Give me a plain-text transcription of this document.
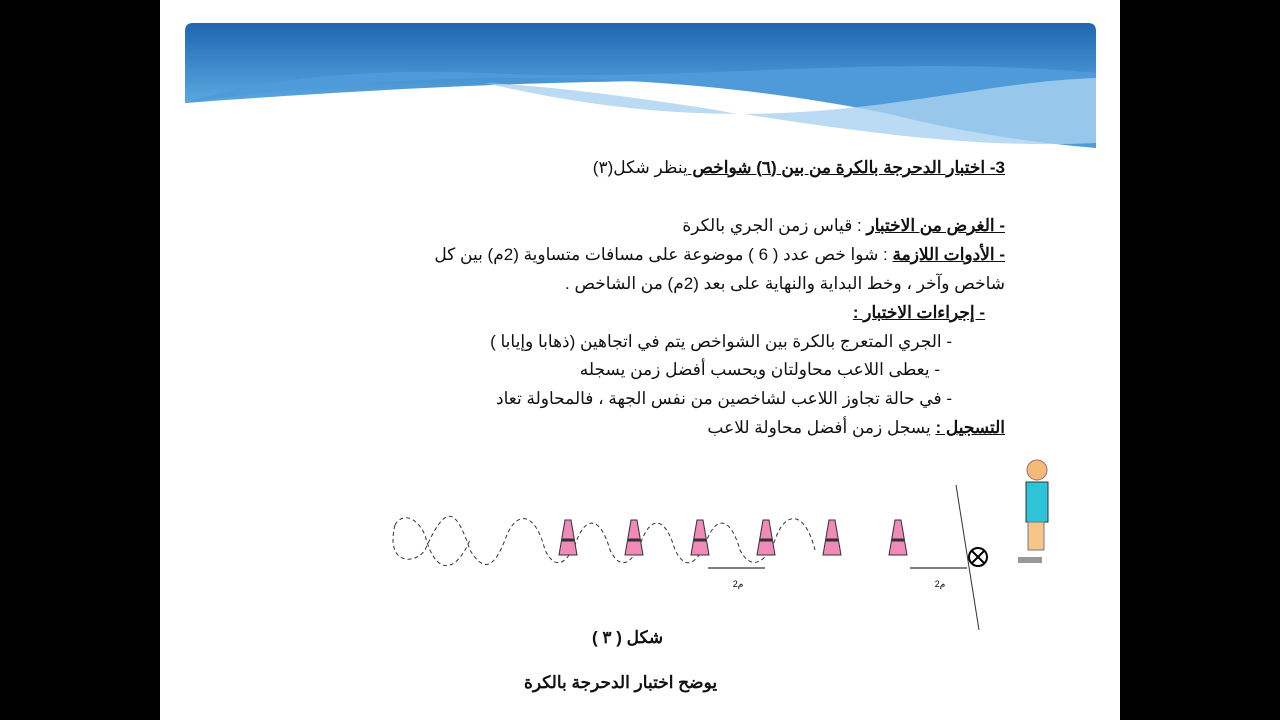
3- اختبار الدحرجة بالكرة من بين (٦) شواخص ينظر شكل(٣)
- الغرض من الاختبار : قياس زمن الجري بالكرة
- الأدوات اللازمة : شوا خص عدد ( 6 ) موضوعة على مسافات متساوية (2م) بين كل
شاخص وآخر ، وخط البداية والنهاية على بعد (2م) من الشاخص .
- إجراءات الاختبار :
- الجري المتعرج بالكرة بين الشواخص يتم في اتجاهين (ذهابا وإيابا )
- يعطى اللاعب محاولتان ويحسب أفضل زمن يسجله
- في حالة تجاوز اللاعب لشاخصين من نفس الجهة ، فالمحاولة تعاد
التسجيل : يسجل زمن أفضل محاولة للاعب
2م	2م
شكل ( ٣ )
يوضح اختبار الدحرجة بالكرة
